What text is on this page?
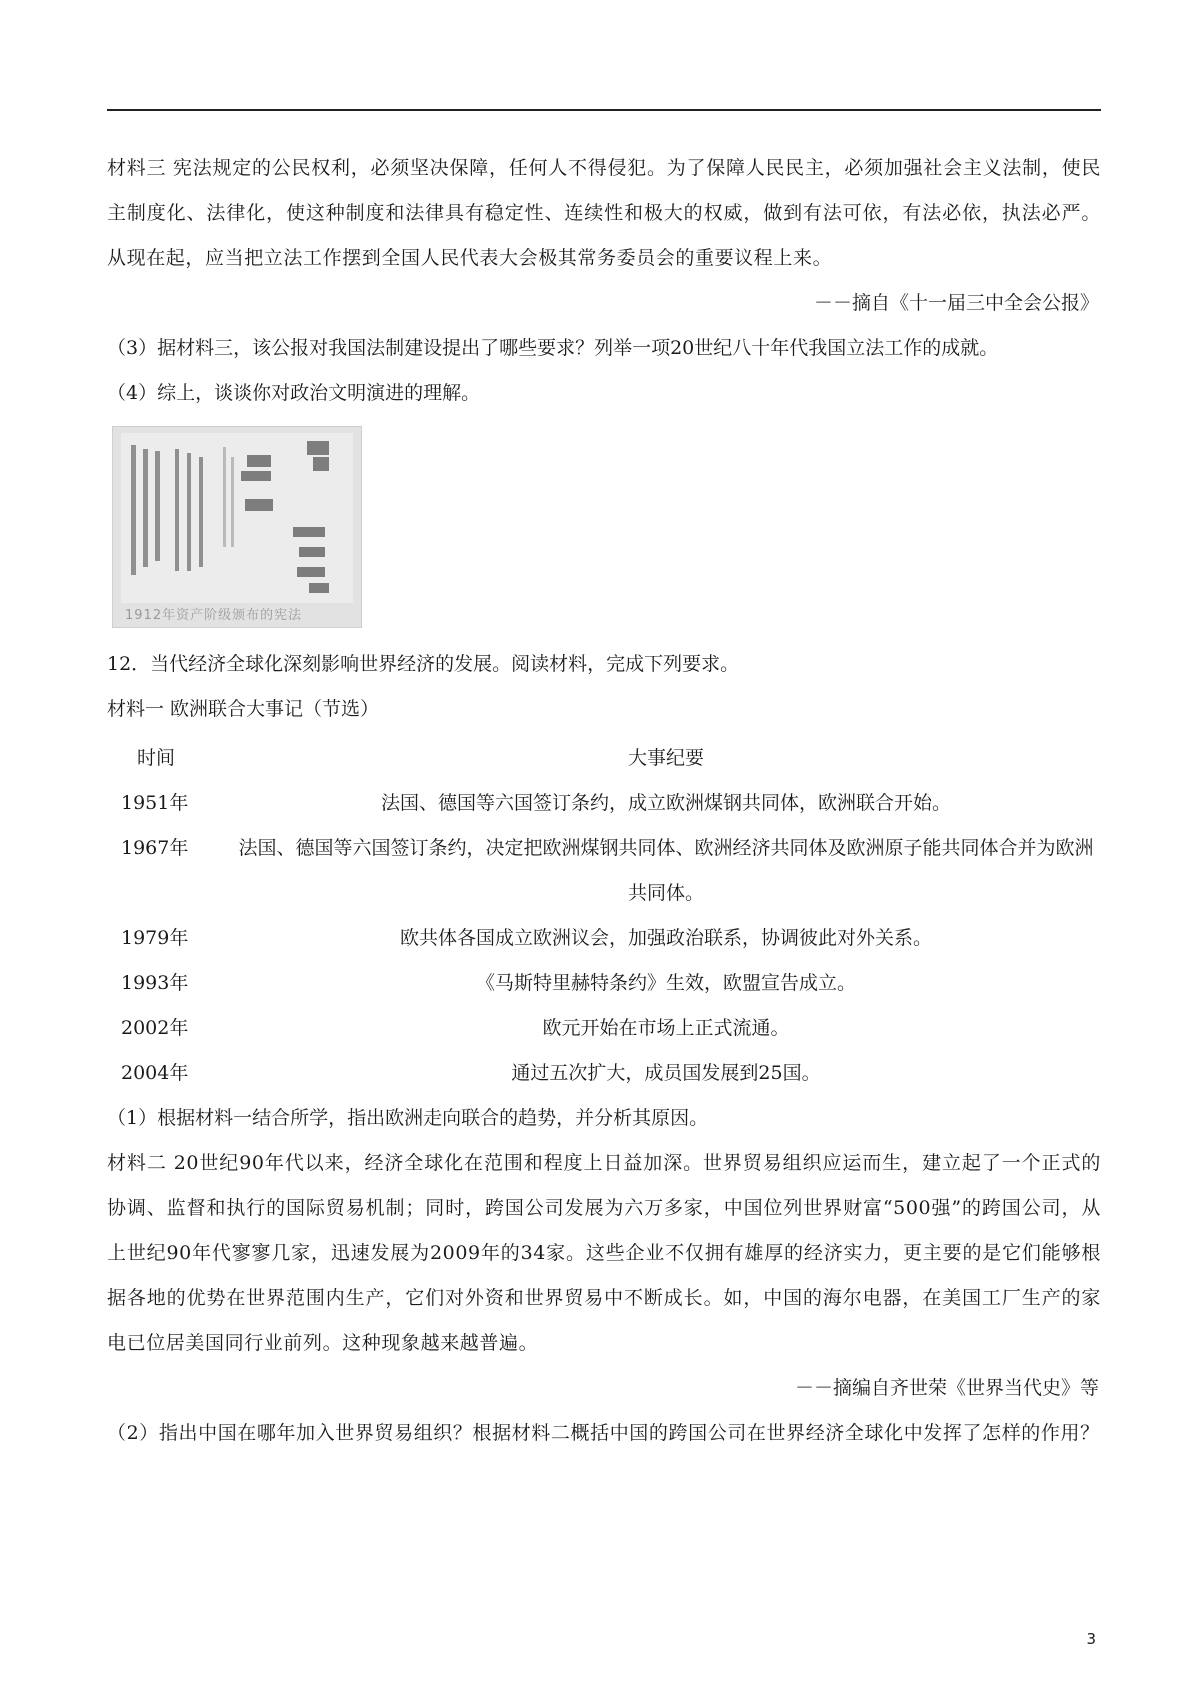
材料三 宪法规定的公民权利，必须坚决保障，任何人不得侵犯。为了保障人民民主，必须加强社会主义法制，使民主制度化、法律化，使这种制度和法律具有稳定性、连续性和极大的权威，做到有法可依，有法必依，执法必严。从现在起，应当把立法工作摆到全国人民代表大会极其常务委员会的重要议程上来。

－－摘自《十一届三中全会公报》

（3）据材料三，该公报对我国法制建设提出了哪些要求？列举一项20世纪八十年代我国立法工作的成就。

（4）综上，谈谈你对政治文明演进的理解。

1912年资产阶级颁布的宪法

12．当代经济全球化深刻影响世界经济的发展。阅读材料，完成下列要求。

材料一 欧洲联合大事记（节选）

时间	大事纪要
1951年	法国、德国等六国签订条约，成立欧洲煤钢共同体，欧洲联合开始。
1967年	法国、德国等六国签订条约，决定把欧洲煤钢共同体、欧洲经济共同体及欧洲原子能共同体合并为欧洲共同体。
1979年	欧共体各国成立欧洲议会，加强政治联系，协调彼此对外关系。
1993年	《马斯特里赫特条约》生效，欧盟宣告成立。
2002年	欧元开始在市场上正式流通。
2004年	通过五次扩大，成员国发展到25国。

（1）根据材料一结合所学，指出欧洲走向联合的趋势，并分析其原因。

材料二 20世纪90年代以来，经济全球化在范围和程度上日益加深。世界贸易组织应运而生，建立起了一个正式的协调、监督和执行的国际贸易机制；同时，跨国公司发展为六万多家，中国位列世界财富“500强”的跨国公司，从上世纪90年代寥寥几家，迅速发展为2009年的34家。这些企业不仅拥有雄厚的经济实力，更主要的是它们能够根据各地的优势在世界范围内生产，它们对外资和世界贸易中不断成长。如，中国的海尔电器，在美国工厂生产的家电已位居美国同行业前列。这种现象越来越普遍。

－－摘编自齐世荣《世界当代史》等

（2）指出中国在哪年加入世界贸易组织？根据材料二概括中国的跨国公司在世界经济全球化中发挥了怎样的作用？

3
